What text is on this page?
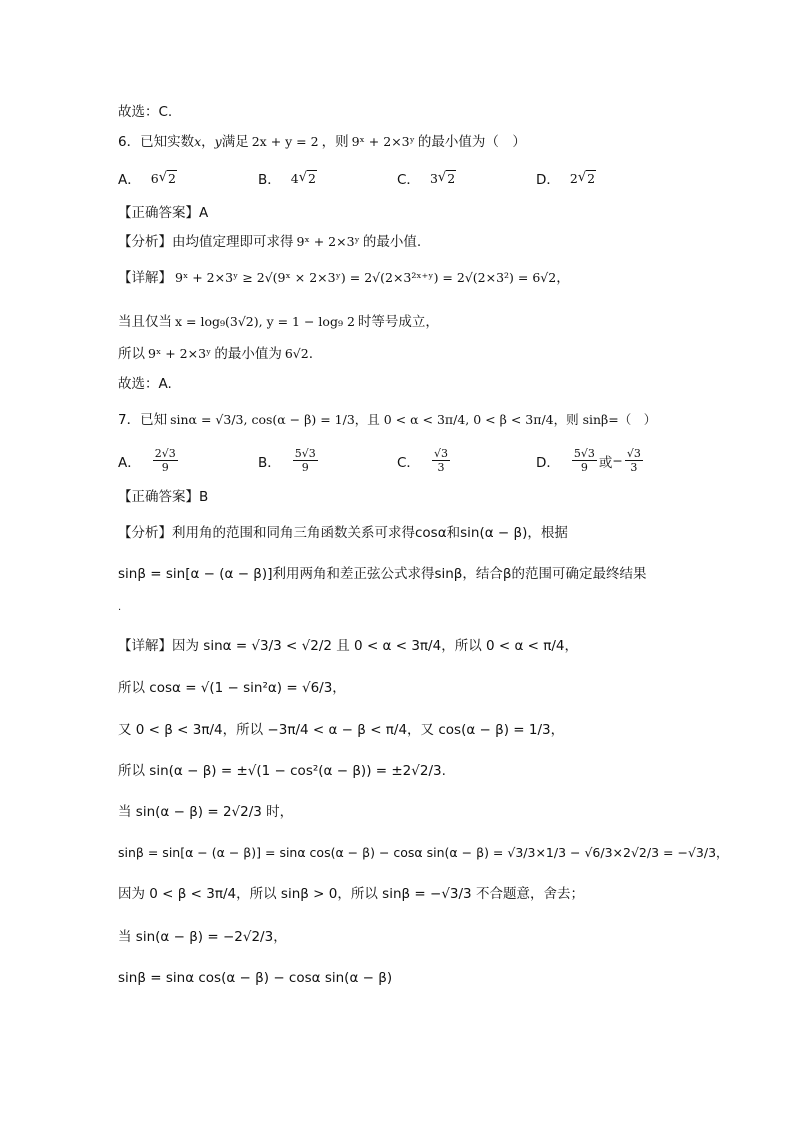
故选：C.
6．已知实数 x ， y 满足 2x + y = 2 ，则 9ˣ + 2×3ʸ 的最小值为（　）
A． 6 √ 2	B． 4 √ 2	C． 3 √ 2	D． 2 √ 2
【正确答案】A
【分析】 由均值定理即可求得 9ˣ + 2×3ʸ 的最小值.
【详解】 9ˣ + 2×3ʸ ≥ 2√(9ˣ × 2×3ʸ) = 2√(2×3²ˣ⁺ʸ) = 2√(2×3²) = 6√2 ，
当且仅当 x = log₉(3√2), y = 1 − log₉ 2 时等号成立，
所以 9ˣ + 2×3ʸ 的最小值为 6√2 .
故选：A.
7．已知 sinα = √3/3, cos(α − β) = 1/3，且 0 < α < 3π/4, 0 < β < 3π/4，则 sinβ=（　）
A． $\frac{2√3}{9}$	B． $\frac{5√3}{9}$	C． $\frac{√3}{3}$	D． $\frac{5√3}{9}$ 或 − $\frac{√3}{3}$
【正确答案】B
【分析】利用角的范围和同角三角函数关系可求得cosα和sin(α − β)，根据
sinβ = sin[α − (α − β)]利用两角和差正弦公式求得sinβ，结合β的范围可确定最终结果
.
【详解】因为 sinα = √3/3 < √2/2 且 0 < α < 3π/4，所以 0 < α < π/4，
所以 cosα = √(1 − sin²α) = √6/3，
又 0 < β < 3π/4，所以 −3π/4 < α − β < π/4，又 cos(α − β) = 1/3，
所以 sin(α − β) = ±√(1 − cos²(α − β)) = ±2√2/3.
当 sin(α − β) = 2√2/3 时，
sinβ = sin[α − (α − β)] = sinα cos(α − β) − cosα sin(α − β) = √3/3×1/3 − √6/3×2√2/3 = −√3/3，
因为 0 < β < 3π/4，所以 sinβ > 0，所以 sinβ = −√3/3 不合题意，舍去；
当 sin(α − β) = −2√2/3，
sinβ = sinα cos(α − β) − cosα sin(α − β)
